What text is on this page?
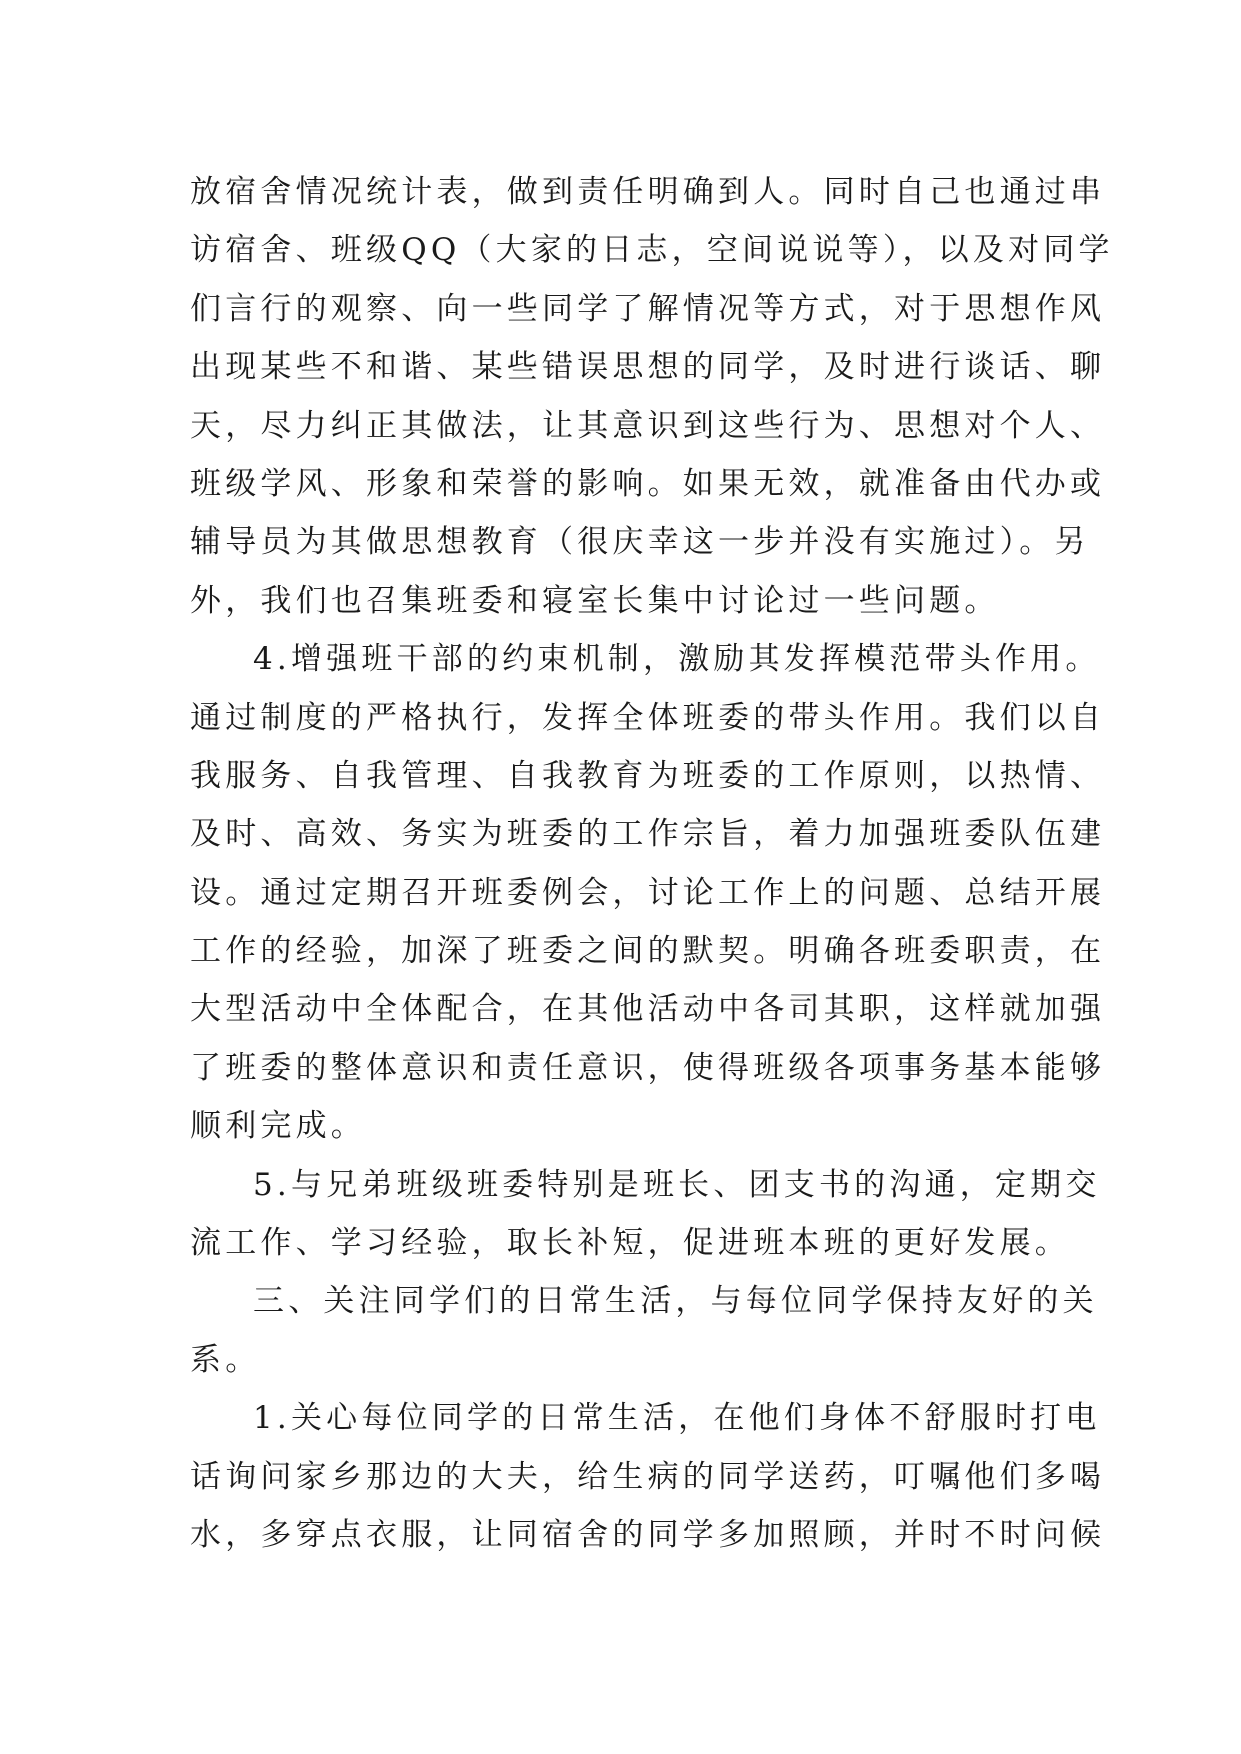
放宿舍情况统计表，做到责任明确到人。同时自己也通过串
访宿舍、班级QQ（大家的日志，空间说说等），以及对同学
们言行的观察、向一些同学了解情况等方式，对于思想作风
出现某些不和谐、某些错误思想的同学，及时进行谈话、聊
天，尽力纠正其做法，让其意识到这些行为、思想对个人、
班级学风、形象和荣誉的影响。如果无效，就准备由代办或
辅导员为其做思想教育（很庆幸这一步并没有实施过）。另
外，我们也召集班委和寝室长集中讨论过一些问题。
4.增强班干部的约束机制，激励其发挥模范带头作用。
通过制度的严格执行，发挥全体班委的带头作用。我们以自
我服务、自我管理、自我教育为班委的工作原则，以热情、
及时、高效、务实为班委的工作宗旨，着力加强班委队伍建
设。通过定期召开班委例会，讨论工作上的问题、总结开展
工作的经验，加深了班委之间的默契。明确各班委职责，在
大型活动中全体配合，在其他活动中各司其职，这样就加强
了班委的整体意识和责任意识，使得班级各项事务基本能够
顺利完成。
5.与兄弟班级班委特别是班长、团支书的沟通，定期交
流工作、学习经验，取长补短，促进班本班的更好发展。
三、关注同学们的日常生活，与每位同学保持友好的关
系。
1.关心每位同学的日常生活，在他们身体不舒服时打电
话询问家乡那边的大夫，给生病的同学送药，叮嘱他们多喝
水，多穿点衣服，让同宿舍的同学多加照顾，并时不时问候
